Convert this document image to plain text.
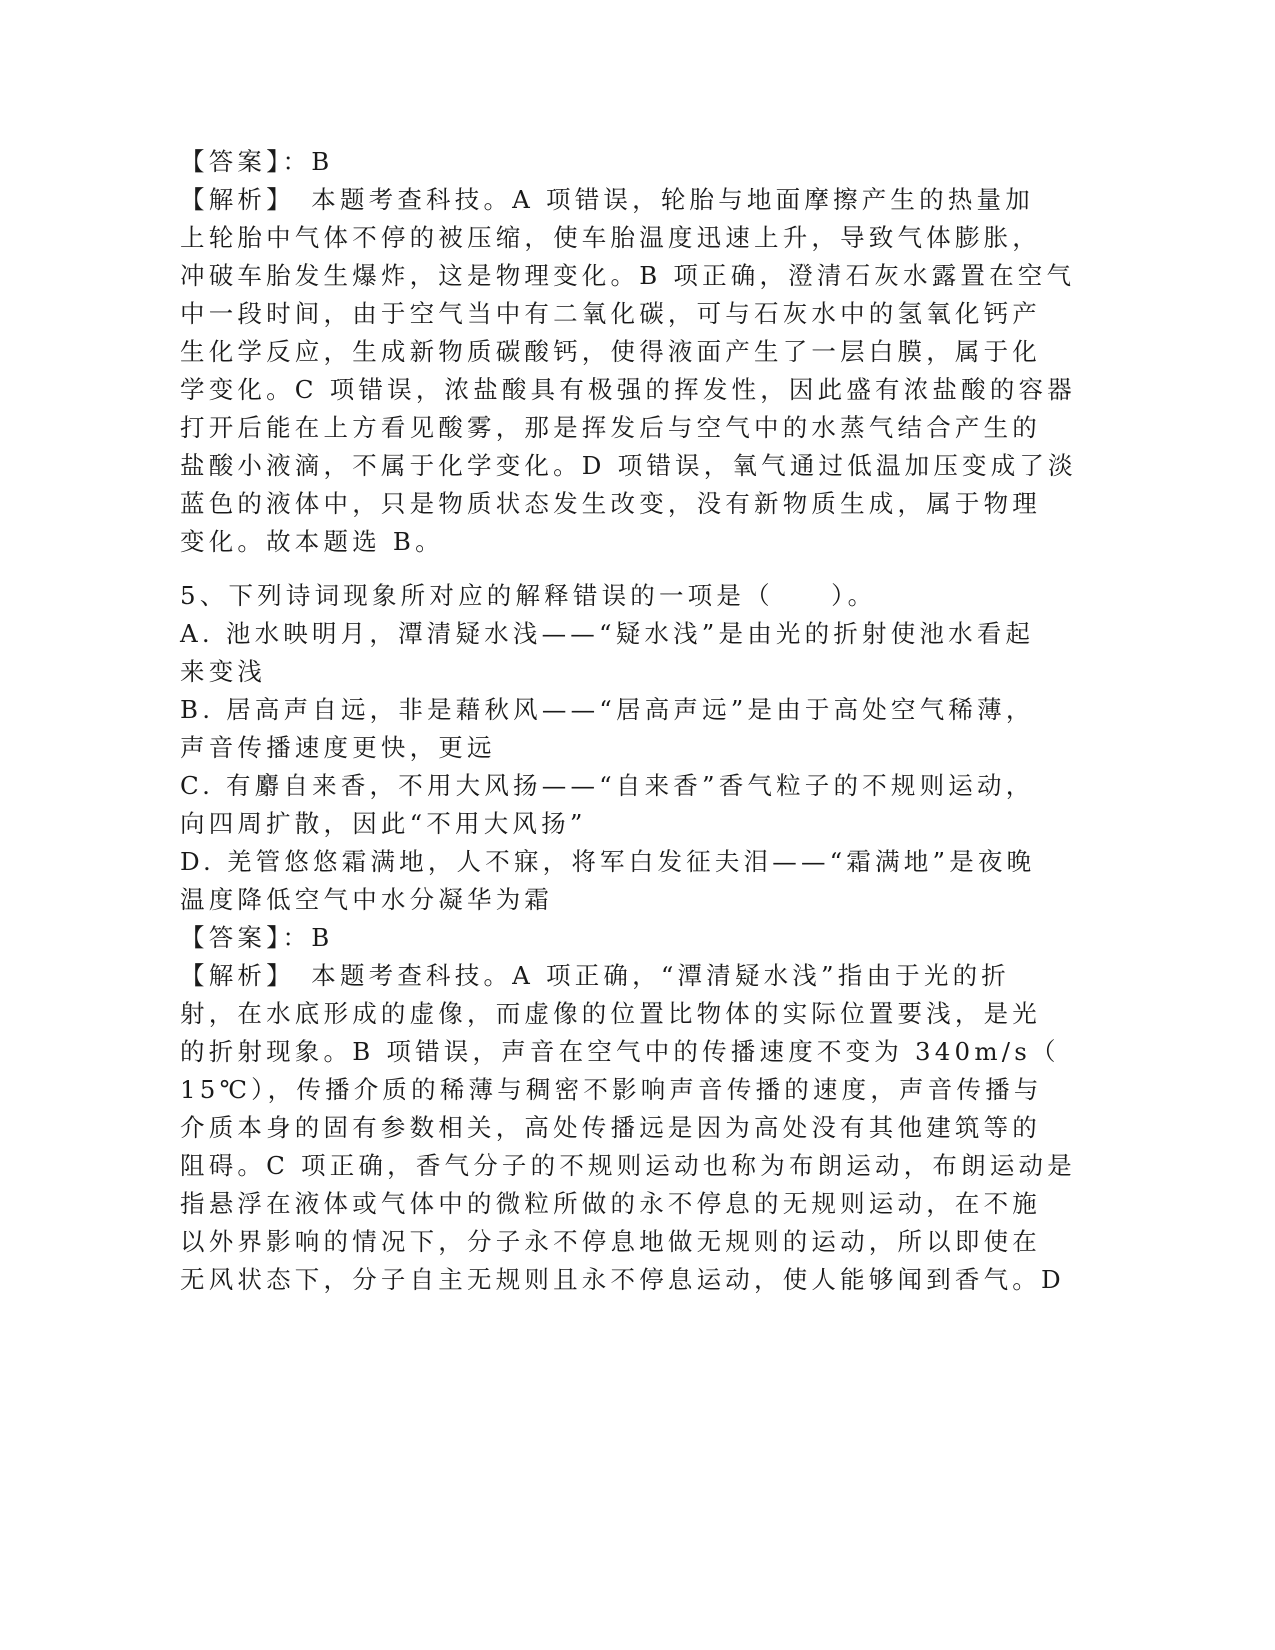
【答案】：B
【解析】　本题考查科技。A 项错误，轮胎与地面摩擦产生的热量加
上轮胎中气体不停的被压缩，使车胎温度迅速上升，导致气体膨胀，
冲破车胎发生爆炸，这是物理变化。B 项正确，澄清石灰水露置在空气
中一段时间，由于空气当中有二氧化碳，可与石灰水中的氢氧化钙产
生化学反应，生成新物质碳酸钙，使得液面产生了一层白膜，属于化
学变化。C 项错误，浓盐酸具有极强的挥发性，因此盛有浓盐酸的容器
打开后能在上方看见酸雾，那是挥发后与空气中的水蒸气结合产生的
盐酸小液滴，不属于化学变化。D 项错误，氧气通过低温加压变成了淡
蓝色的液体中，只是物质状态发生改变，没有新物质生成，属于物理
变化。故本题选 B。
5、下列诗词现象所对应的解释错误的一项是（　　）。
A. 池水映明月，潭清疑水浅——“疑水浅”是由光的折射使池水看起
来变浅
B. 居高声自远，非是藉秋风——“居高声远”是由于高处空气稀薄，
声音传播速度更快，更远
C. 有麝自来香，不用大风扬——“自来香”香气粒子的不规则运动，
向四周扩散，因此“不用大风扬”
D. 羌管悠悠霜满地，人不寐，将军白发征夫泪——“霜满地”是夜晚
温度降低空气中水分凝华为霜
【答案】：B
【解析】　本题考查科技。A 项正确，“潭清疑水浅”指由于光的折
射，在水底形成的虚像，而虚像的位置比物体的实际位置要浅，是光
的折射现象。B 项错误，声音在空气中的传播速度不变为 340m/s（
15℃），传播介质的稀薄与稠密不影响声音传播的速度，声音传播与
介质本身的固有参数相关，高处传播远是因为高处没有其他建筑等的
阻碍。C 项正确，香气分子的不规则运动也称为布朗运动，布朗运动是
指悬浮在液体或气体中的微粒所做的永不停息的无规则运动，在不施
以外界影响的情况下，分子永不停息地做无规则的运动，所以即使在
无风状态下，分子自主无规则且永不停息运动，使人能够闻到香气。D
